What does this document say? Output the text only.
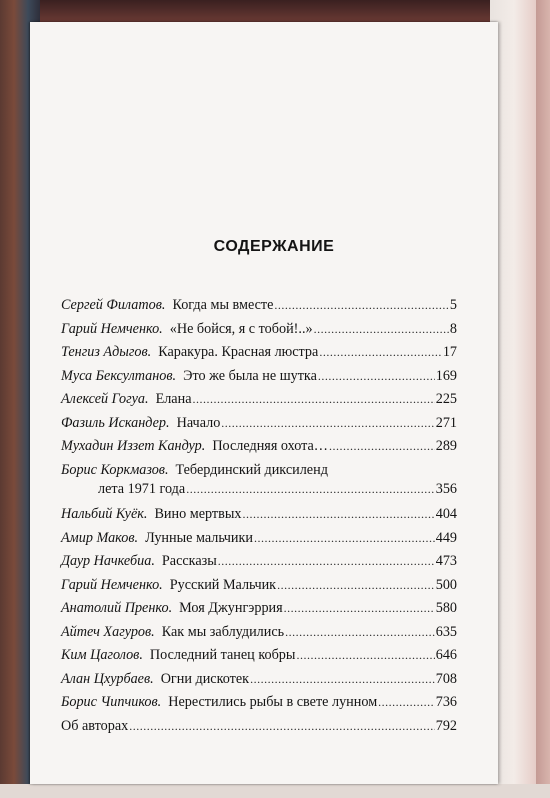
СОДЕРЖАНИЕ
Сергей Филатов. Когда мы вместе .....	5
Гарий Немченко. «Не бойся, я с тобой!..» .....	8
Тенгиз Адыгов. Каракура. Красная люстра .....	17
Муса Бексултанов. Это же была не шутка .....	169
Алексей Гогуа. Елана .....	225
Фазиль Искандер. Начало .....	271
Мухадин Иззет Кандур. Последняя охота… .....	289
Борис Коркмазов. Тебердинский диксиленд
лета 1971 года .....	356
Нальбий Куёк. Вино мертвых .....	404
Амир Маков. Лунные мальчики .....	449
Даур Начкебиа. Рассказы .....	473
Гарий Немченко. Русский Мальчик .....	500
Анатолий Пренко. Моя Джунгэррия .....	580
Айтеч Хагуров. Как мы заблудились .....	635
Ким Цаголов. Последний танец кобры .....	646
Алан Цхурбаев. Огни дискотек .....	708
Борис Чипчиков. Нерестились рыбы в свете лунном .....	736
Об авторах .....	792
